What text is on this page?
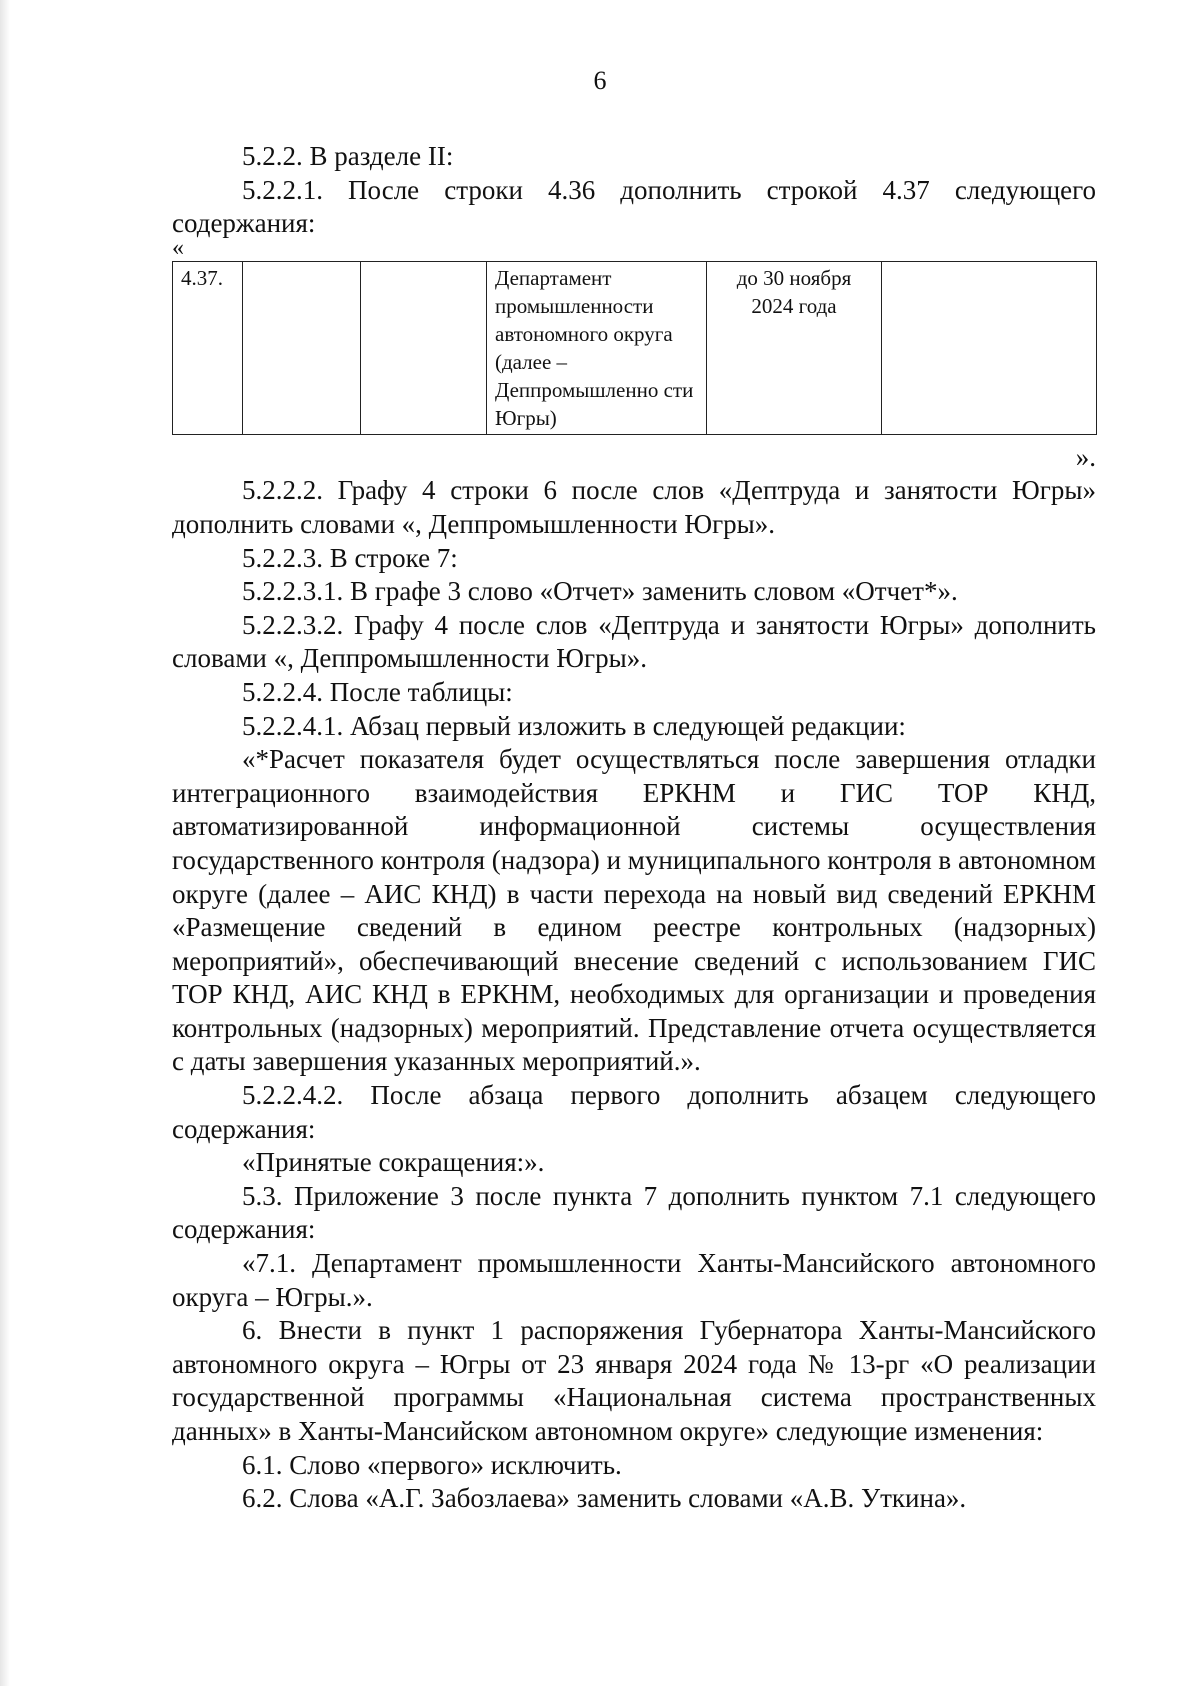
6

5.2.2. В разделе II:

5.2.2.1. После строки 4.36 дополнить строкой 4.37 следующего содержания:

«

4.37.			Департамент промышленности автономного округа (далее – Деппромышленно сти Югры)	до 30 ноября 2024 года	

».

5.2.2.2. Графу 4 строки 6 после слов «Дептруда и занятости Югры» дополнить словами «, Деппромышленности Югры».

5.2.2.3. В строке 7:

5.2.2.3.1. В графе 3 слово «Отчет» заменить словом «Отчет*».

5.2.2.3.2. Графу 4 после слов «Дептруда и занятости Югры» дополнить словами «, Деппромышленности Югры».

5.2.2.4. После таблицы:

5.2.2.4.1. Абзац первый изложить в следующей редакции:

«*Расчет показателя будет осуществляться после завершения отладки интеграционного взаимодействия ЕРКНМ и ГИС ТОР КНД, автоматизированной информационной системы осуществления государственного контроля (надзора) и муниципального контроля в автономном округе (далее – АИС КНД) в части перехода на новый вид сведений ЕРКНМ «Размещение сведений в едином реестре контрольных (надзорных) мероприятий», обеспечивающий внесение сведений с использованием ГИС ТОР КНД, АИС КНД в ЕРКНМ, необходимых для организации и проведения контрольных (надзорных) мероприятий. Представление отчета осуществляется с даты завершения указанных мероприятий.».

5.2.2.4.2. После абзаца первого дополнить абзацем следующего содержания:

«Принятые сокращения:».

5.3. Приложение 3 после пункта 7 дополнить пунктом 7.1 следующего содержания:

«7.1. Департамент промышленности Ханты-Мансийского автономного округа – Югры.».

6. Внести в пункт 1 распоряжения Губернатора Ханты-Мансийского автономного округа – Югры от 23 января 2024 года № 13-рг «О реализации государственной программы «Национальная система пространственных данных» в Ханты-Мансийском автономном округе» следующие изменения:

6.1. Слово «первого» исключить.

6.2. Слова «А.Г. Забозлаева» заменить словами «А.В. Уткина».
